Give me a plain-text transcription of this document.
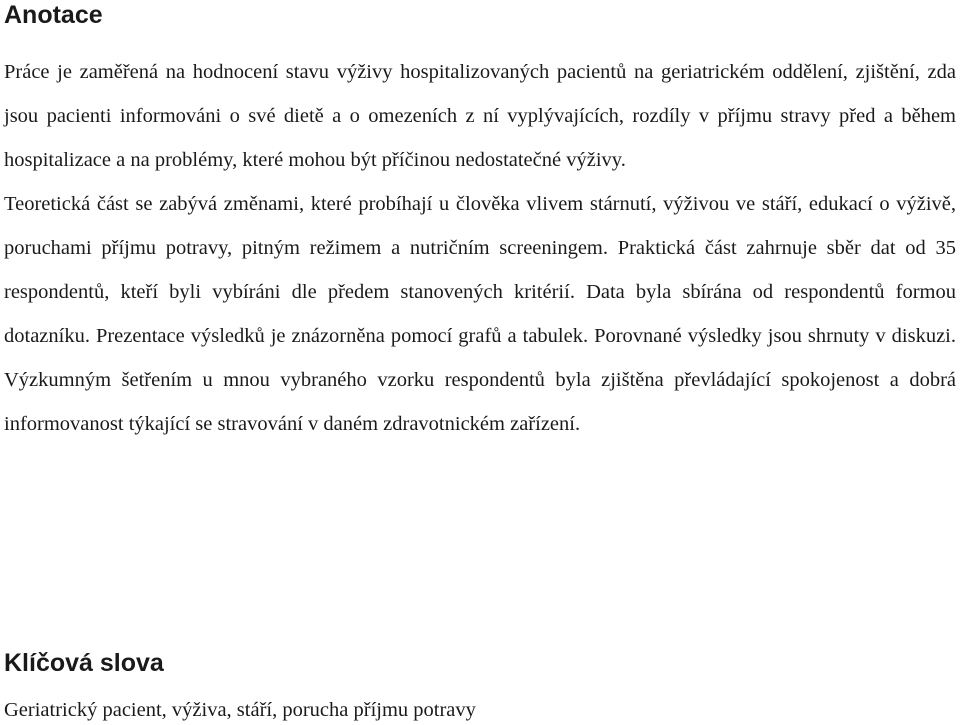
Anotace

Práce je zaměřená na hodnocení stavu výživy hospitalizovaných pacientů na geriatrickém oddělení, zjištění, zda jsou pacienti informováni o své dietě a o omezeních z ní vyplývajících, rozdíly v příjmu stravy před a během hospitalizace a na problémy, které mohou být příčinou nedostatečné výživy.

Teoretická část se zabývá změnami, které probíhají u člověka vlivem stárnutí, výživou ve stáří, edukací o výživě, poruchami příjmu potravy, pitným režimem a nutričním screeningem. Praktická část zahrnuje sběr dat od 35 respondentů, kteří byli vybíráni dle předem stanovených kritérií. Data byla sbírána od respondentů formou dotazníku. Prezentace výsledků je znázorněna pomocí grafů a tabulek. Porovnané výsledky jsou shrnuty v diskuzi. Výzkumným šetřením u mnou vybraného vzorku respondentů byla zjištěna převládající spokojenost a dobrá informovanost týkající se stravování v daném zdravotnickém zařízení.

Klíčová slova

Geriatrický pacient, výživa, stáří, porucha příjmu potravy
